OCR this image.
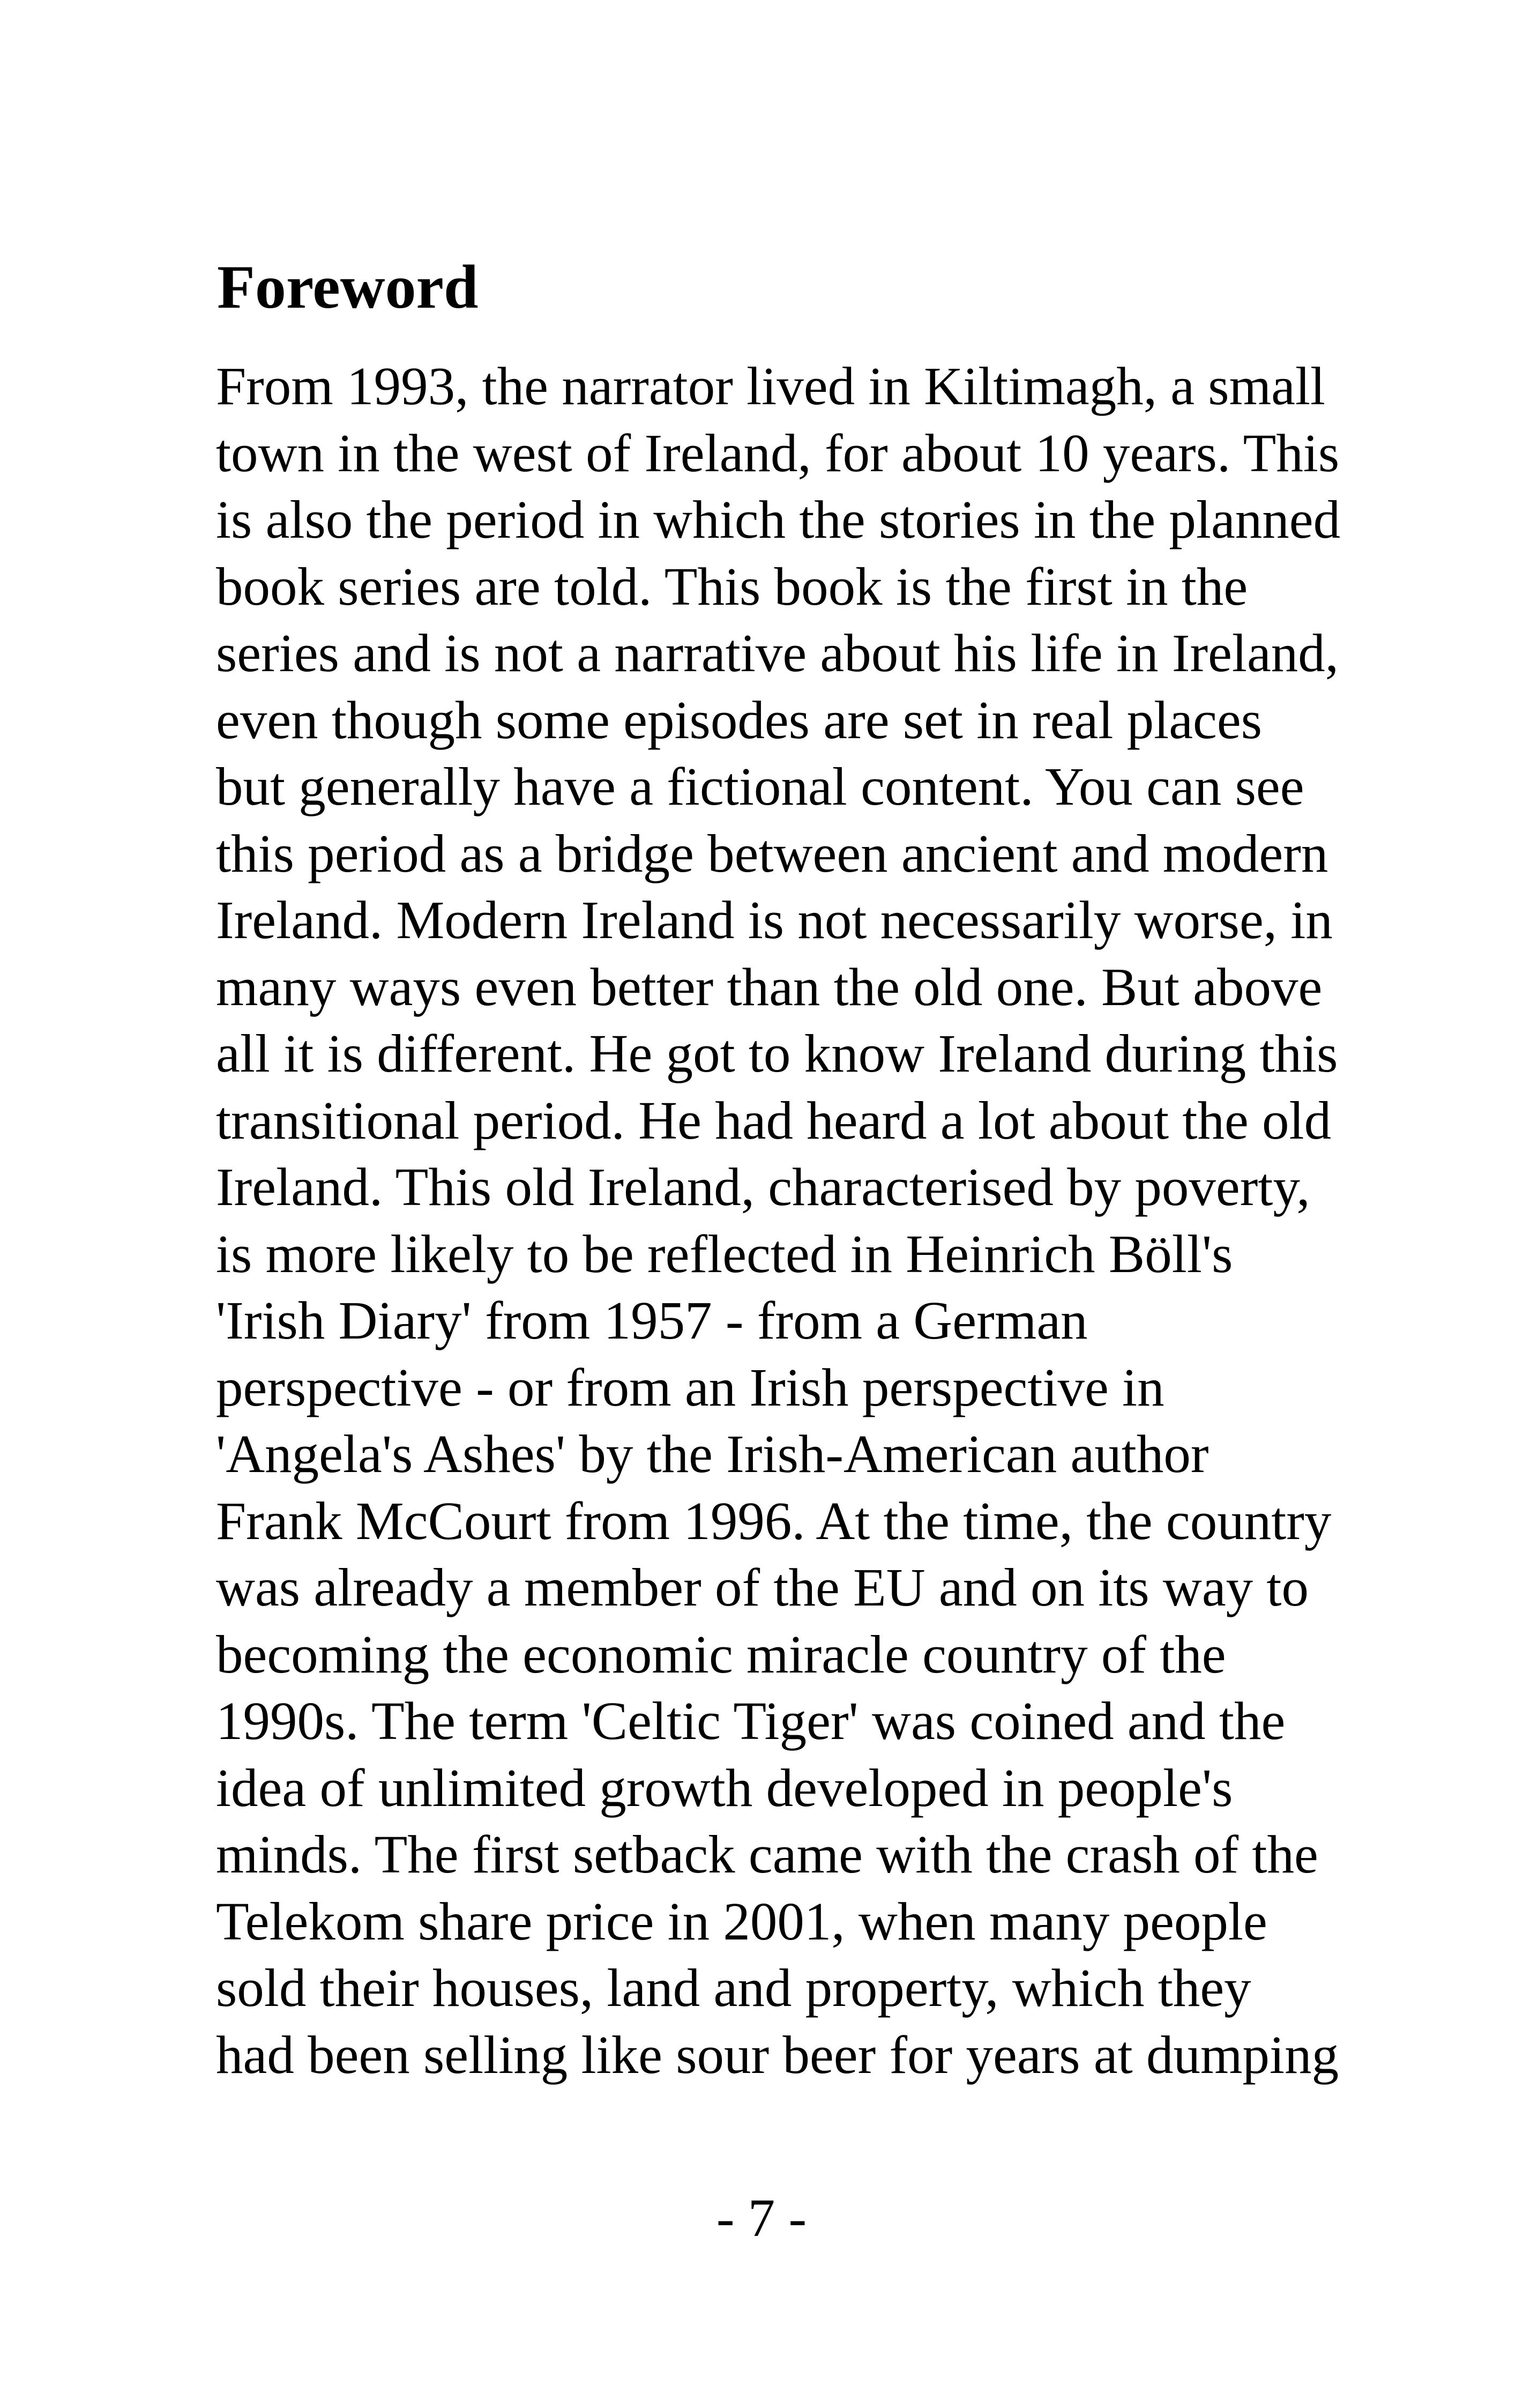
Foreword
From 1993, the narrator lived in Kiltimagh, a small
town in the west of Ireland, for about 10 years. This
is also the period in which the stories in the planned
book series are told. This book is the first in the
series and is not a narrative about his life in Ireland,
even though some episodes are set in real places
but generally have a fictional content. You can see
this period as a bridge between ancient and modern
Ireland. Modern Ireland is not necessarily worse, in
many ways even better than the old one. But above
all it is different. He got to know Ireland during this
transitional period. He had heard a lot about the old
Ireland. This old Ireland, characterised by poverty,
is more likely to be reflected in Heinrich Böll's
'Irish Diary' from 1957 - from a German
perspective - or from an Irish perspective in
'Angela's Ashes' by the Irish-American author
Frank McCourt from 1996. At the time, the country
was already a member of the EU and on its way to
becoming the economic miracle country of the
1990s. The term 'Celtic Tiger' was coined and the
idea of unlimited growth developed in people's
minds. The first setback came with the crash of the
Telekom share price in 2001, when many people
sold their houses, land and property, which they
had been selling like sour beer for years at dumping
- 7 -
